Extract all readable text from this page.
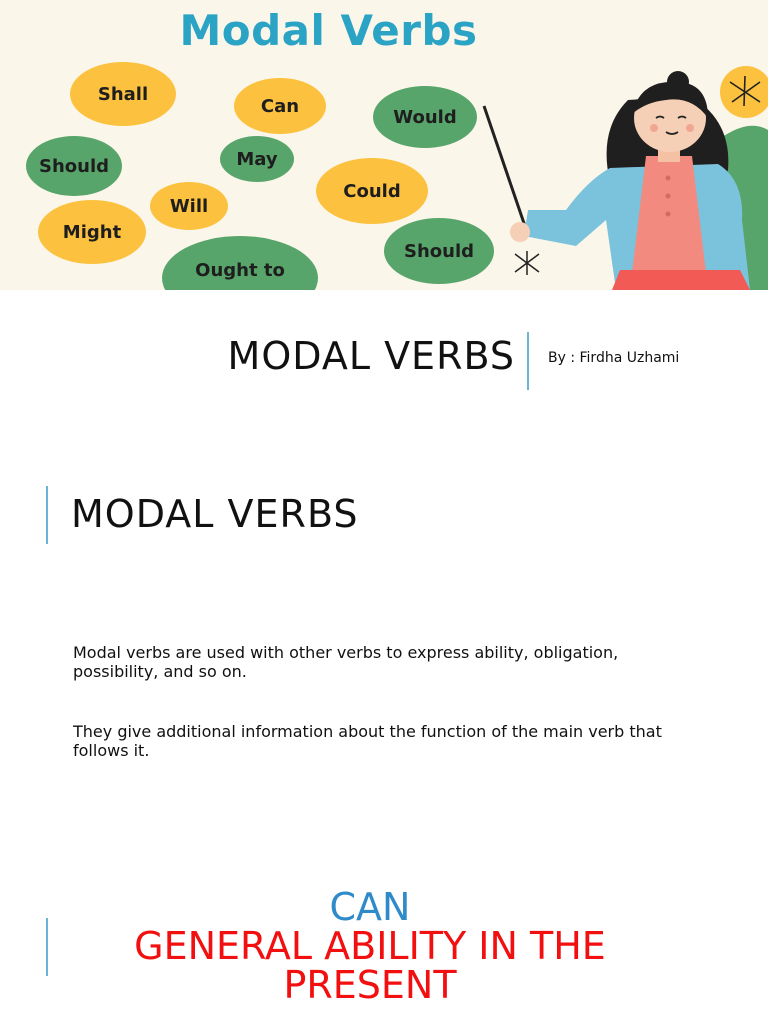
Modal Verbs
Shall
Can
Would
Should	May
Will
Could
Might
Ought to
Should
MODAL VERBS By : Firdha Uzhami
MODAL VERBS

Modal verbs are used with other verbs to express ability, obligation, possibility, and so on.

They give additional information about the function of the main verb that follows it.

CAN
GENERAL ABILITY IN THE PRESENT
